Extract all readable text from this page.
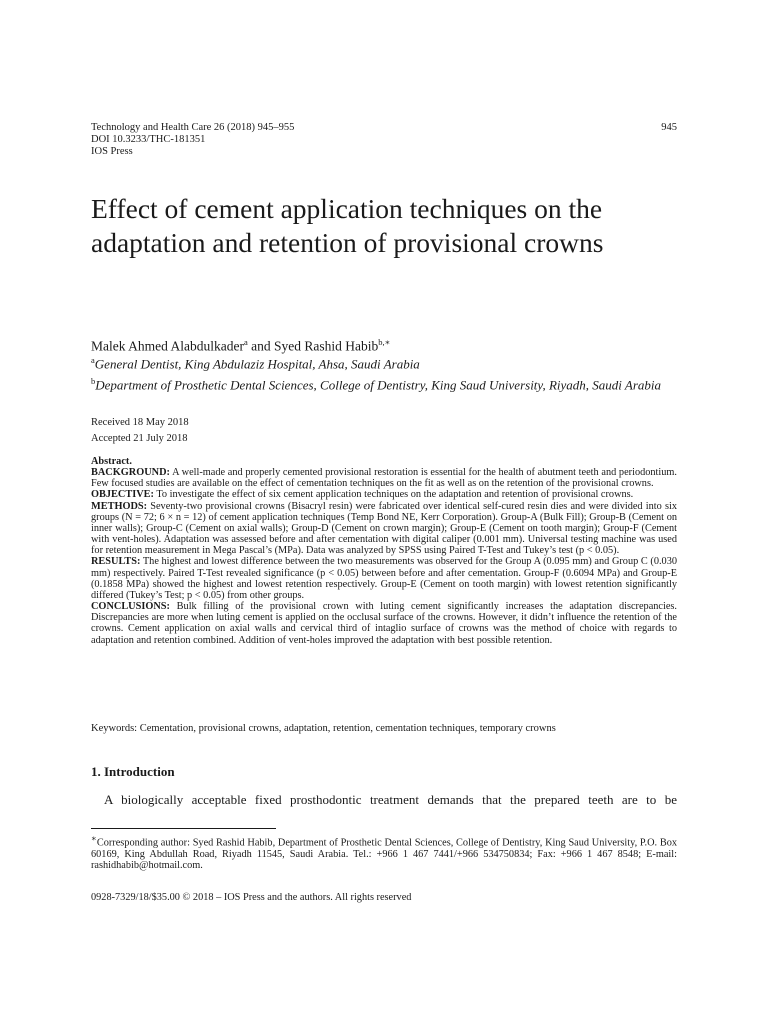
Technology and Health Care 26 (2018) 945–955
DOI 10.3233/THC-181351
IOS Press
945
Effect of cement application techniques on the adaptation and retention of provisional crowns
Malek Ahmed Alabdulkader$^a$ and Syed Rashid Habib$^{b,∗}$
$^a$General Dentist, King Abdulaziz Hospital, Ahsa, Saudi Arabia
$^b$Department of Prosthetic Dental Sciences, College of Dentistry, King Saud University, Riyadh, Saudi Arabia
Received 18 May 2018
Accepted 21 July 2018

Abstract.

BACKGROUND: A well-made and properly cemented provisional restoration is essential for the health of abutment teeth and periodontium. Few focused studies are available on the effect of cementation techniques on the fit as well as on the retention of the provisional crowns.

OBJECTIVE: To investigate the effect of six cement application techniques on the adaptation and retention of provisional crowns.

METHODS: Seventy-two provisional crowns (Bisacryl resin) were fabricated over identical self-cured resin dies and were divided into six groups (N = 72; 6 × n = 12) of cement application techniques (Temp Bond NE, Kerr Corporation). Group-A (Bulk Fill); Group-B (Cement on inner walls); Group-C (Cement on axial walls); Group-D (Cement on crown margin); Group-E (Cement on tooth margin); Group-F (Cement with vent-holes). Adaptation was assessed before and after cementation with digital caliper (0.001 mm). Universal testing machine was used for retention measurement in Mega Pascal’s (MPa). Data was analyzed by SPSS using Paired T-Test and Tukey’s test (p < 0.05).

RESULTS: The highest and lowest difference between the two measurements was observed for the Group A (0.095 mm) and Group C (0.030 mm) respectively. Paired T-Test revealed significance (p < 0.05) between before and after cementation. Group-F (0.6094 MPa) and Group-E (0.1858 MPa) showed the highest and lowest retention respectively. Group-E (Cement on tooth margin) with lowest retention significantly differed (Tukey’s Test; p < 0.05) from other groups.

CONCLUSIONS: Bulk filling of the provisional crown with luting cement significantly increases the adaptation discrepancies. Discrepancies are more when luting cement is applied on the occlusal surface of the crowns. However, it didn’t influence the retention of the crowns. Cement application on axial walls and cervical third of intaglio surface of crowns was the method of choice with regards to adaptation and retention combined. Addition of vent-holes improved the adaptation with best possible retention.

Keywords: Cementation, provisional crowns, adaptation, retention, cementation techniques, temporary crowns
1. Introduction
A biologically acceptable fixed prosthodontic treatment demands that the prepared teeth are to be
∗Corresponding author: Syed Rashid Habib, Department of Prosthetic Dental Sciences, College of Dentistry, King Saud University, P.O. Box 60169, King Abdullah Road, Riyadh 11545, Saudi Arabia. Tel.: +966 1 467 7441/+966 534750834; Fax: +966 1 467 8548; E-mail: rashidhabib@hotmail.com.
0928-7329/18/$35.00 © 2018 – IOS Press and the authors. All rights reserved
